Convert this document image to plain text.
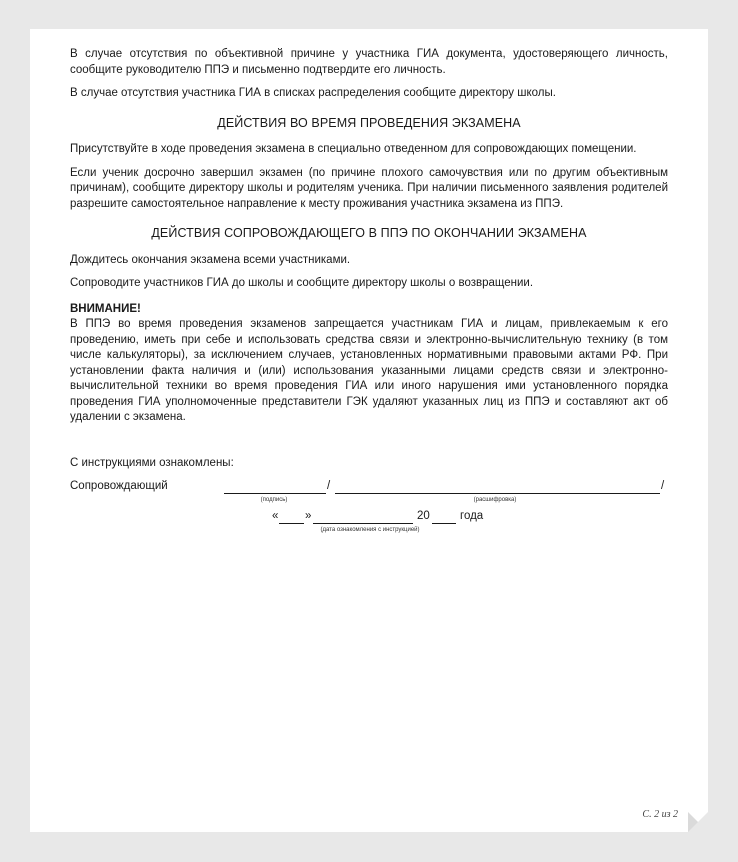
В случае отсутствия по объективной причине у участника ГИА документа, удостоверяющего личность, сообщите руководителю ППЭ и письменно подтвердите его личность.

В случае отсутствия участника ГИА в списках распределения сообщите директору школы.

ДЕЙСТВИЯ ВО ВРЕМЯ ПРОВЕДЕНИЯ ЭКЗАМЕНА

Присутствуйте в ходе проведения экзамена в специально отведенном для сопровождающих помещении.

Если ученик досрочно завершил экзамен (по причине плохого самочувствия или по другим объективным причинам), сообщите директору школы и родителям ученика. При наличии письменного заявления родителей разрешите самостоятельное направление к месту проживания участника экзамена из ППЭ.

ДЕЙСТВИЯ СОПРОВОЖДАЮЩЕГО В ППЭ ПО ОКОНЧАНИИ ЭКЗАМЕНА

Дождитесь окончания экзамена всеми участниками.

Сопроводите участников ГИА до школы и сообщите директору школы о возвращении.

ВНИМАНИЕ!

В ППЭ во время проведения экзаменов запрещается участникам ГИА и лицам, привлекаемым к его проведению, иметь при себе и использовать средства связи и электронно-вычислительную технику (в том числе калькуляторы), за исключением случаев, установленных нормативными правовыми актами РФ. При установлении факта наличия и (или) использования указанными лицами средств связи и электронно-вычислительной техники во время проведения ГИА или иного нарушения ими установленного порядка проведения ГИА уполномоченные представители ГЭК удаляют указанных лиц из ППЭ и составляют акт об удалении с экзамена.

С инструкциями ознакомлены:
Сопровождающий	/	/
(подпись)	(расшифровка)
« »	20	года
(дата ознакомления с инструкцией)
С. 2 из 2
